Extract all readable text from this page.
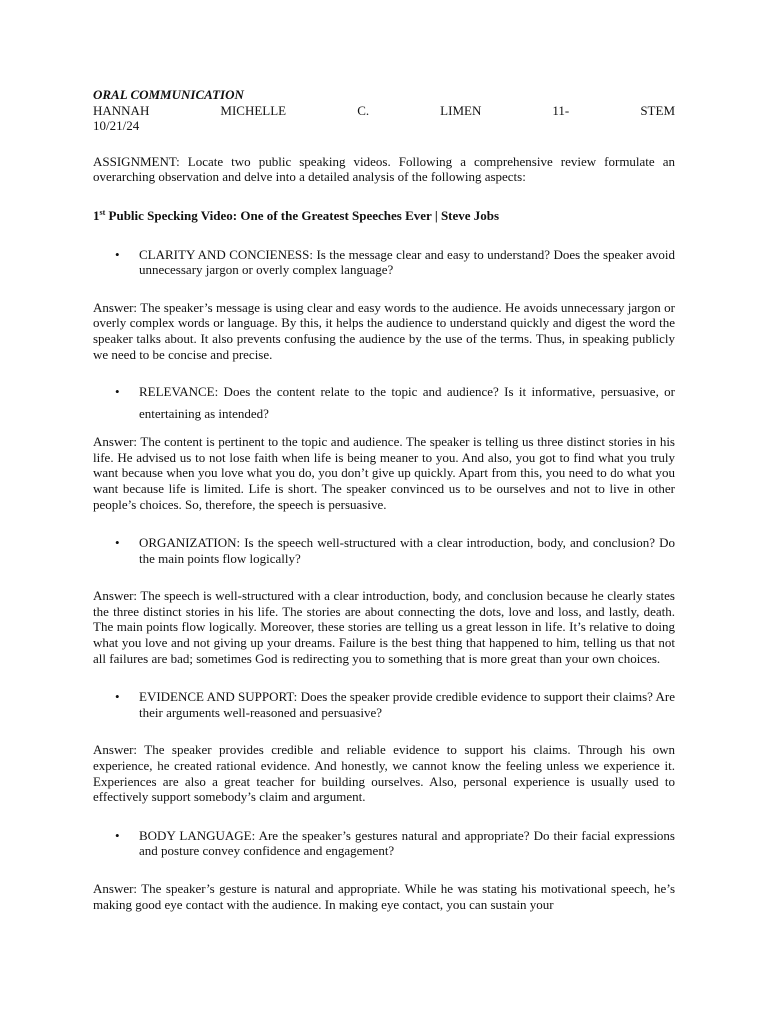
ORAL COMMUNICATION

HANNAH	MICHELLE	C.	LIMEN	11-	STEM

10/21/24

ASSIGNMENT: Locate two public speaking videos. Following a comprehensive review formulate an overarching observation and delve into a detailed analysis of the following aspects:

1st Public Specking Video: One of the Greatest Speeches Ever | Steve Jobs

•	CLARITY AND CONCIENESS: Is the message clear and easy to understand? Does the speaker avoid unnecessary jargon or overly complex language?

Answer: The speaker’s message is using clear and easy words to the audience. He avoids unnecessary jargon or overly complex words or language. By this, it helps the audience to understand quickly and digest the word the speaker talks about. It also prevents confusing the audience by the use of the terms. Thus, in speaking publicly we need to be concise and precise.

•	RELEVANCE: Does the content relate to the topic and audience? Is it informative, persuasive, or entertaining as intended?

Answer: The content is pertinent to the topic and audience. The speaker is telling us three distinct stories in his life. He advised us to not lose faith when life is being meaner to you. And also, you got to find what you truly want because when you love what you do, you don’t give up quickly. Apart from this, you need to do what you want because life is limited. Life is short. The speaker convinced us to be ourselves and not to live in other people’s choices. So, therefore, the speech is persuasive.

•	ORGANIZATION: Is the speech well-structured with a clear introduction, body, and conclusion? Do the main points flow logically?

Answer: The speech is well-structured with a clear introduction, body, and conclusion because he clearly states the three distinct stories in his life. The stories are about connecting the dots, love and loss, and lastly, death. The main points flow logically. Moreover, these stories are telling us a great lesson in life. It’s relative to doing what you love and not giving up your dreams. Failure is the best thing that happened to him, telling us that not all failures are bad; sometimes God is redirecting you to something that is more great than your own choices.

•	EVIDENCE AND SUPPORT: Does the speaker provide credible evidence to support their claims? Are their arguments well-reasoned and persuasive?

Answer: The speaker provides credible and reliable evidence to support his claims. Through his own experience, he created rational evidence. And honestly, we cannot know the feeling unless we experience it. Experiences are also a great teacher for building ourselves. Also, personal experience is usually used to effectively support somebody’s claim and argument.

•	BODY LANGUAGE: Are the speaker’s gestures natural and appropriate? Do their facial expressions and posture convey confidence and engagement?

Answer: The speaker’s gesture is natural and appropriate. While he was stating his motivational speech, he’s making good eye contact with the audience. In making eye contact, you can sustain your
